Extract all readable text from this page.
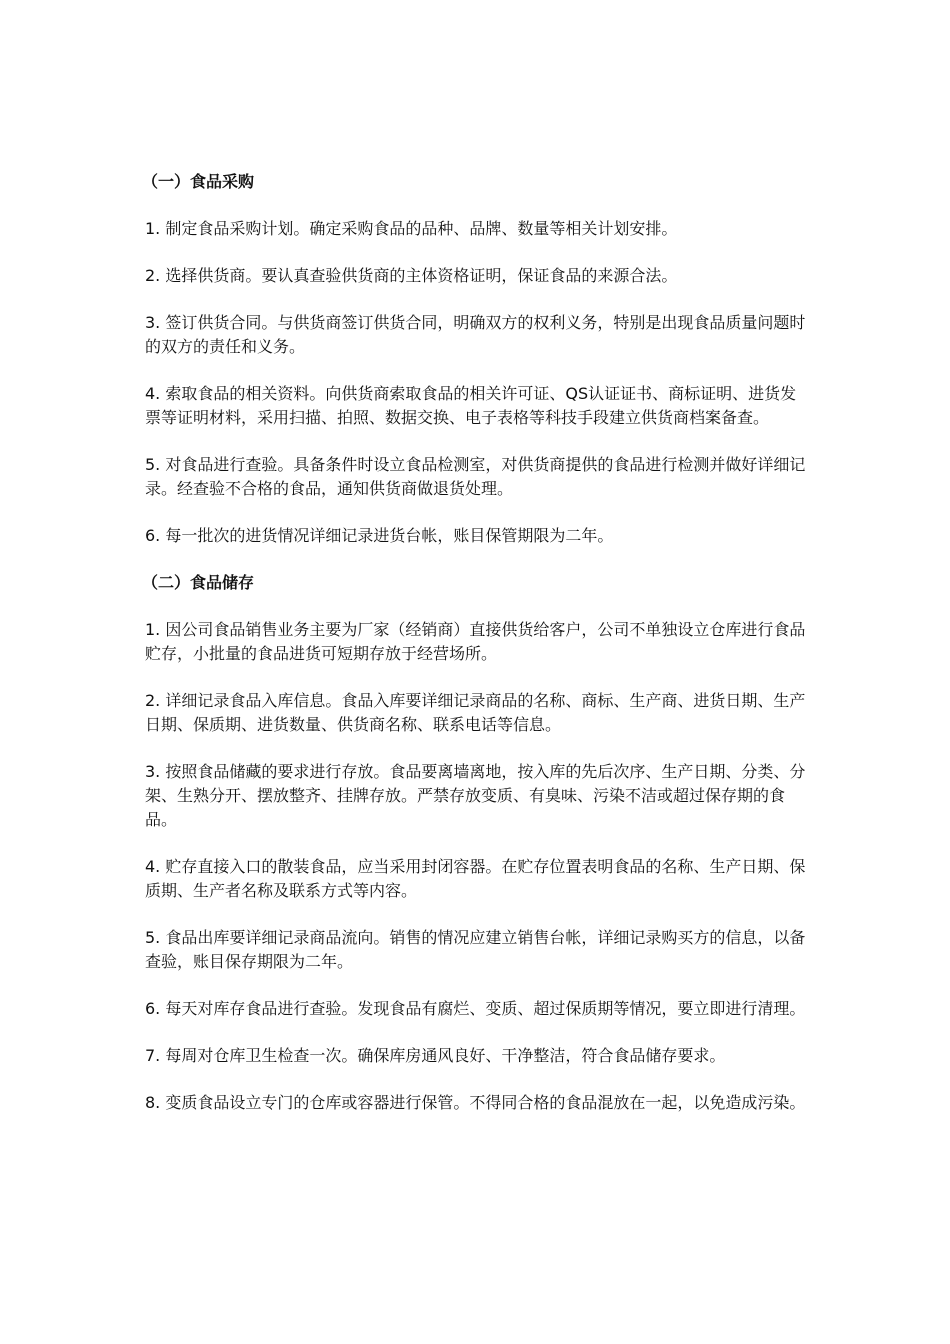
（一）食品采购

1. 制定食品采购计划。确定采购食品的品种、品牌、数量等相关计划安排。

2. 选择供货商。要认真查验供货商的主体资格证明，保证食品的来源合法。

3. 签订供货合同。与供货商签订供货合同，明确双方的权利义务，特别是出现食品质量问题时的双方的责任和义务。

4. 索取食品的相关资料。向供货商索取食品的相关许可证、QS认证证书、商标证明、进货发票等证明材料，采用扫描、拍照、数据交换、电子表格等科技手段建立供货商档案备查。

5. 对食品进行查验。具备条件时设立食品检测室，对供货商提供的食品进行检测并做好详细记录。经查验不合格的食品，通知供货商做退货处理。

6. 每一批次的进货情况详细记录进货台帐，账目保管期限为二年。

（二）食品储存

1. 因公司食品销售业务主要为厂家（经销商）直接供货给客户，公司不单独设立仓库进行食品贮存，小批量的食品进货可短期存放于经营场所。

2. 详细记录食品入库信息。食品入库要详细记录商品的名称、商标、生产商、进货日期、生产日期、保质期、进货数量、供货商名称、联系电话等信息。

3. 按照食品储藏的要求进行存放。食品要离墙离地，按入库的先后次序、生产日期、分类、分架、生熟分开、摆放整齐、挂牌存放。严禁存放变质、有臭味、污染不洁或超过保存期的食品。

4. 贮存直接入口的散装食品，应当采用封闭容器。在贮存位置表明食品的名称、生产日期、保质期、生产者名称及联系方式等内容。

5. 食品出库要详细记录商品流向。销售的情况应建立销售台帐，详细记录购买方的信息，以备查验，账目保存期限为二年。

6. 每天对库存食品进行查验。发现食品有腐烂、变质、超过保质期等情况，要立即进行清理。

7. 每周对仓库卫生检查一次。确保库房通风良好、干净整洁，符合食品储存要求。

8. 变质食品设立专门的仓库或容器进行保管。不得同合格的食品混放在一起，以免造成污染。
